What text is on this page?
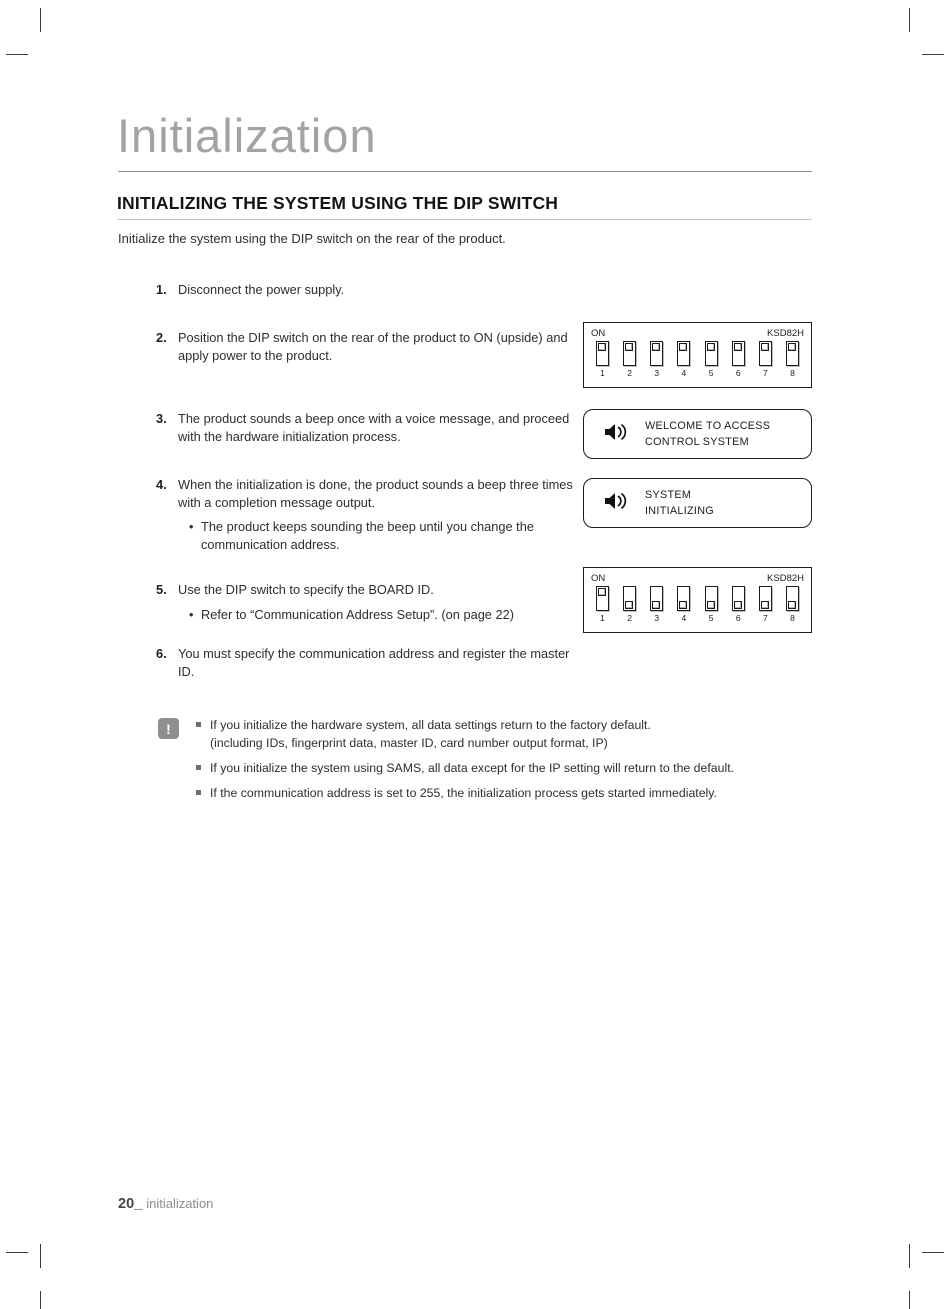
Initialization
INITIALIZING THE SYSTEM USING THE DIP SWITCH
Initialize the system using the DIP switch on the rear of the product.
1. Disconnect the power supply.
2. Position the DIP switch on the rear of the product to ON (upside) and apply power to the product.
3. The product sounds a beep once with a voice message, and proceed with the hardware initialization process.
4. When the initialization is done, the product sounds a beep three times with a completion message output.
• The product keeps sounding the beep until you change the communication address.
5. Use the DIP switch to specify the BOARD ID.
• Refer to “Communication Address Setup”. (on page 22)
6. You must specify the communication address and register the master ID.
ON	KSD82H
1	2	3	4	5	6	7	8
WELCOME TO ACCESS
CONTROL SYSTEM
SYSTEM
INITIALIZING
ON	KSD82H
1	2	3	4	5	6	7	8
!	If you initialize the hardware system, all data settings return to the factory default.
(including IDs, fingerprint data, master ID, card number output format, IP)
If you initialize the system using SAMS, all data except for the IP setting will return to the default.
If the communication address is set to 255, the initialization process gets started immediately.
20_ initialization
